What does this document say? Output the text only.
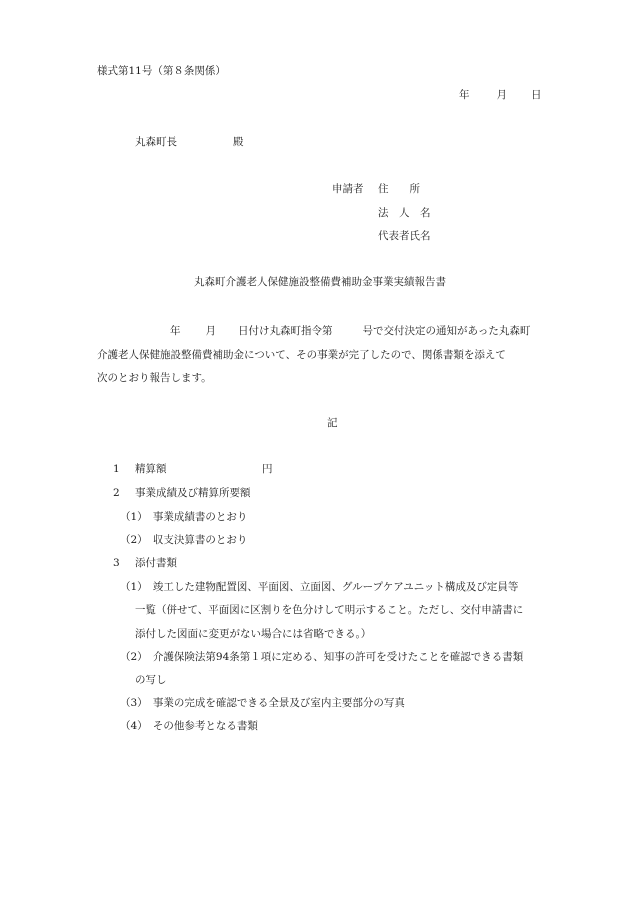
様式第11号（第８条関係）
年	月 日
丸森町長	殿
申請者 住　　所
法　人　名
代表者氏名
丸森町介護老人保健施設整備費補助金事業実績報告書
年 月 日付け丸森町指令第	号で交付決定の通知があった丸森町
介護老人保健施設整備費補助金について、その事業が完了したので、関係書類を添えて
次のとおり報告します。
記
1 精算額	円
2 事業成績及び精算所要額
（1）　事業成績書のとおり
（2）　収支決算書のとおり
3 添付書類
（1）　竣工した建物配置図、平面図、立面図、グループケアユニット構成及び定員等
一覧（併せて、平面図に区割りを色分けして明示すること。ただし、交付申請書に
添付した図面に変更がない場合には省略できる。）
（2）　介護保険法第94条第１項に定める、知事の許可を受けたことを確認できる書類
の写し
（3）　事業の完成を確認できる全景及び室内主要部分の写真
（4）　その他参考となる書類
